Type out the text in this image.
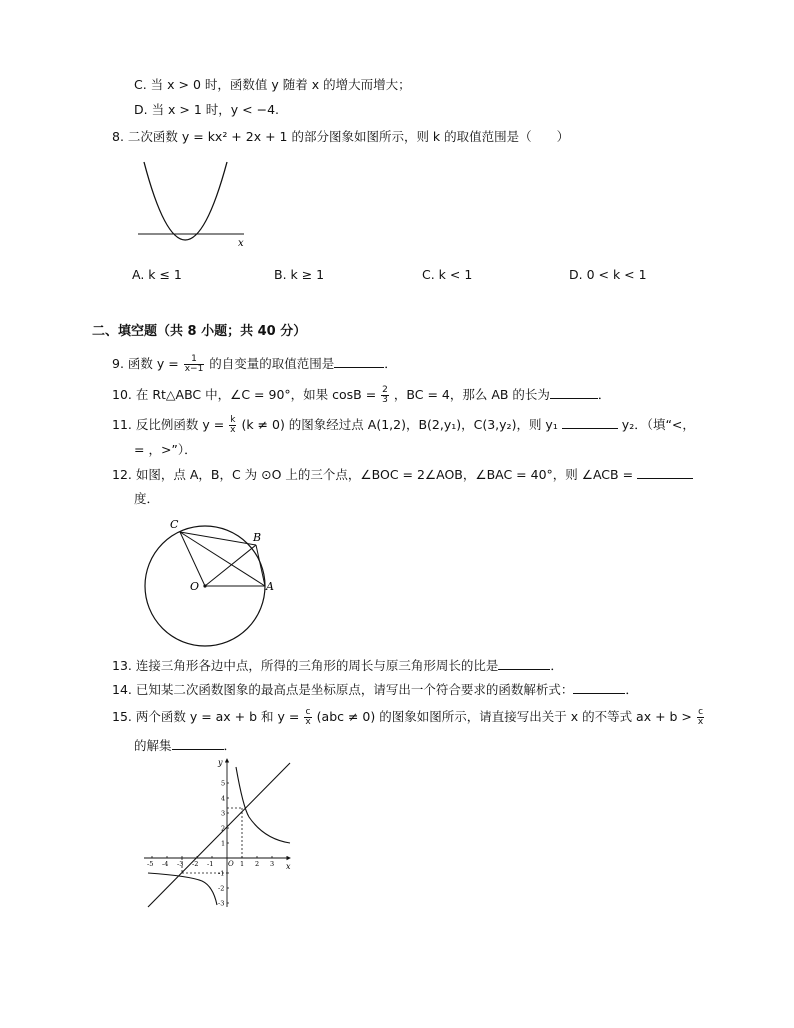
C. 当 x > 0 时，函数值 y 随着 x 的增大而增大；
D. 当 x > 1 时，y < −4.
8. 二次函数 y = kx² + 2x + 1 的部分图象如图所示，则 k 的取值范围是（　　）
x
A. k ≤ 1	B. k ≥ 1	C. k < 1	D. 0 < k < 1
二、填空题（共 8 小题；共 40 分）
9. 函数 $y = \frac{1}{x-1}$ 的自变量的取值范围是	．
10. 在 Rt△ABC 中，∠C = 90°，如果 $\cos B = \frac{2}{3}$ ，BC = 4，那么 AB 的长为	．
11. 反比例函数 $y = \frac{k}{x} (k \ne 0)$ 的图象经过点 A(1,2)，B(2,y₁)，C(3,y₂)，则 y₁	y₂．（填“<，
= ，>”）．
12. 如图，点 A，B，C 为 ⊙O 上的三个点，∠BOC = 2∠AOB，∠BAC = 40°，则 ∠ACB =
度．
C
B
O	A
13. 连接三角形各边中点，所得的三角形的周长与原三角形周长的比是	．
14. 已知某二次函数图象的最高点是坐标原点，请写出一个符合要求的函数解析式：	．
15. 两个函数 y = ax + b 和 $y = \frac{c}{x} (abc \ne 0)$ 的图象如图所示，请直接写出关于 x 的不等式 ax + $b > \frac{c}{x}$
的解集	．
-5 -4 -3 -2 -1	1 2 3
5
4
3
2
1
-1
-2
-3
y
x
O
